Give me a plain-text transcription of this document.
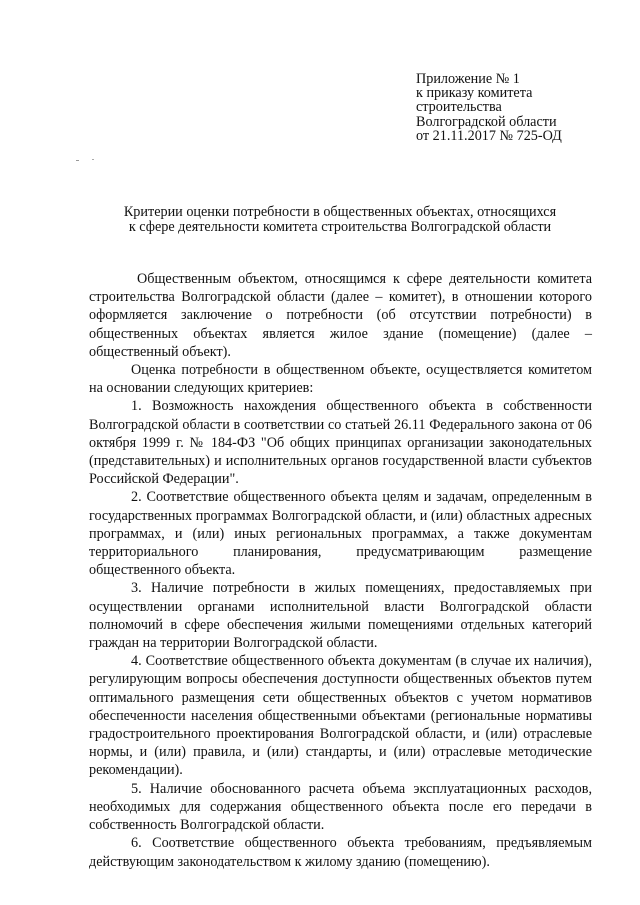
Приложение № 1
к приказу комитета
строительства
Волгоградской области
от 21.11.2017 № 725-ОД
Критерии оценки потребности в общественных объектах, относящихся
к сфере деятельности комитета строительства Волгоградской области

Общественным объектом, относящимся к сфере деятельности комитета строительства Волгоградской области (далее – комитет), в отношении которого оформляется заключение о потребности (об отсутствии потребности) в общественных объектах является жилое здание (помещение) (далее – общественный объект).

Оценка потребности в общественном объекте, осуществляется комитетом на основании следующих критериев:

1. Возможность нахождения общественного объекта в собственности Волгоградской области в соответствии со статьей 26.11 Федерального закона от 06 октября 1999 г. № 184-ФЗ "Об общих принципах организации законодательных (представительных) и исполнительных органов государственной власти субъектов Российской Федерации".

2. Соответствие общественного объекта целям и задачам, определенным в государственных программах Волгоградской области, и (или) областных адресных программах, и (или) иных региональных программах, а также документам территориального планирования, предусматривающим размещение общественного объекта.

3. Наличие потребности в жилых помещениях, предоставляемых при осуществлении органами исполнительной власти Волгоградской области полномочий в сфере обеспечения жилыми помещениями отдельных категорий граждан на территории Волгоградской области.

4. Соответствие общественного объекта документам (в случае их наличия), регулирующим вопросы обеспечения доступности общественных объектов путем оптимального размещения сети общественных объектов с учетом нормативов обеспеченности населения общественными объектами (региональные нормативы градостроительного проектирования Волгоградской области, и (или) отраслевые нормы, и (или) правила, и (или) стандарты, и (или) отраслевые методические рекомендации).

5. Наличие обоснованного расчета объема эксплуатационных расходов, необходимых для содержания общественного объекта после его передачи в собственность Волгоградской области.

6. Соответствие общественного объекта требованиям, предъявляемым действующим законодательством к жилому зданию (помещению).
